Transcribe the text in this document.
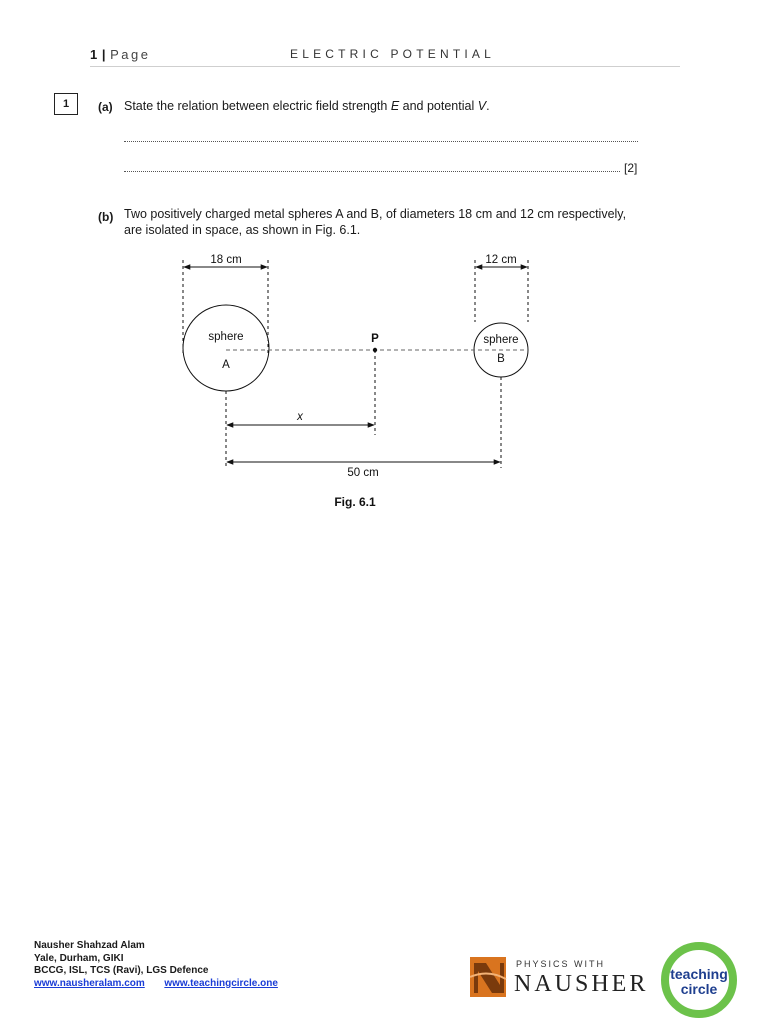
1 | Page	ELECTRIC POTENTIAL
1	(a) State the relation between electric field strength E and potential V.
[2]
(b) Two positively charged metal spheres A and B, of diameters 18 cm and 12 cm respectively,
are isolated in space, as shown in Fig. 6.1.
18 cm	12 cm
sphere
A
sphere
B
P
x
50 cm
Fig. 6.1
Nausher Shahzad Alam
Yale, Durham, GIKI
BCCG, ISL, TCS (Ravi), LGS Defence
www.nausheralam.com www.teachingcircle.one
PHYSICS WITH
NAUSHER teaching
circle
